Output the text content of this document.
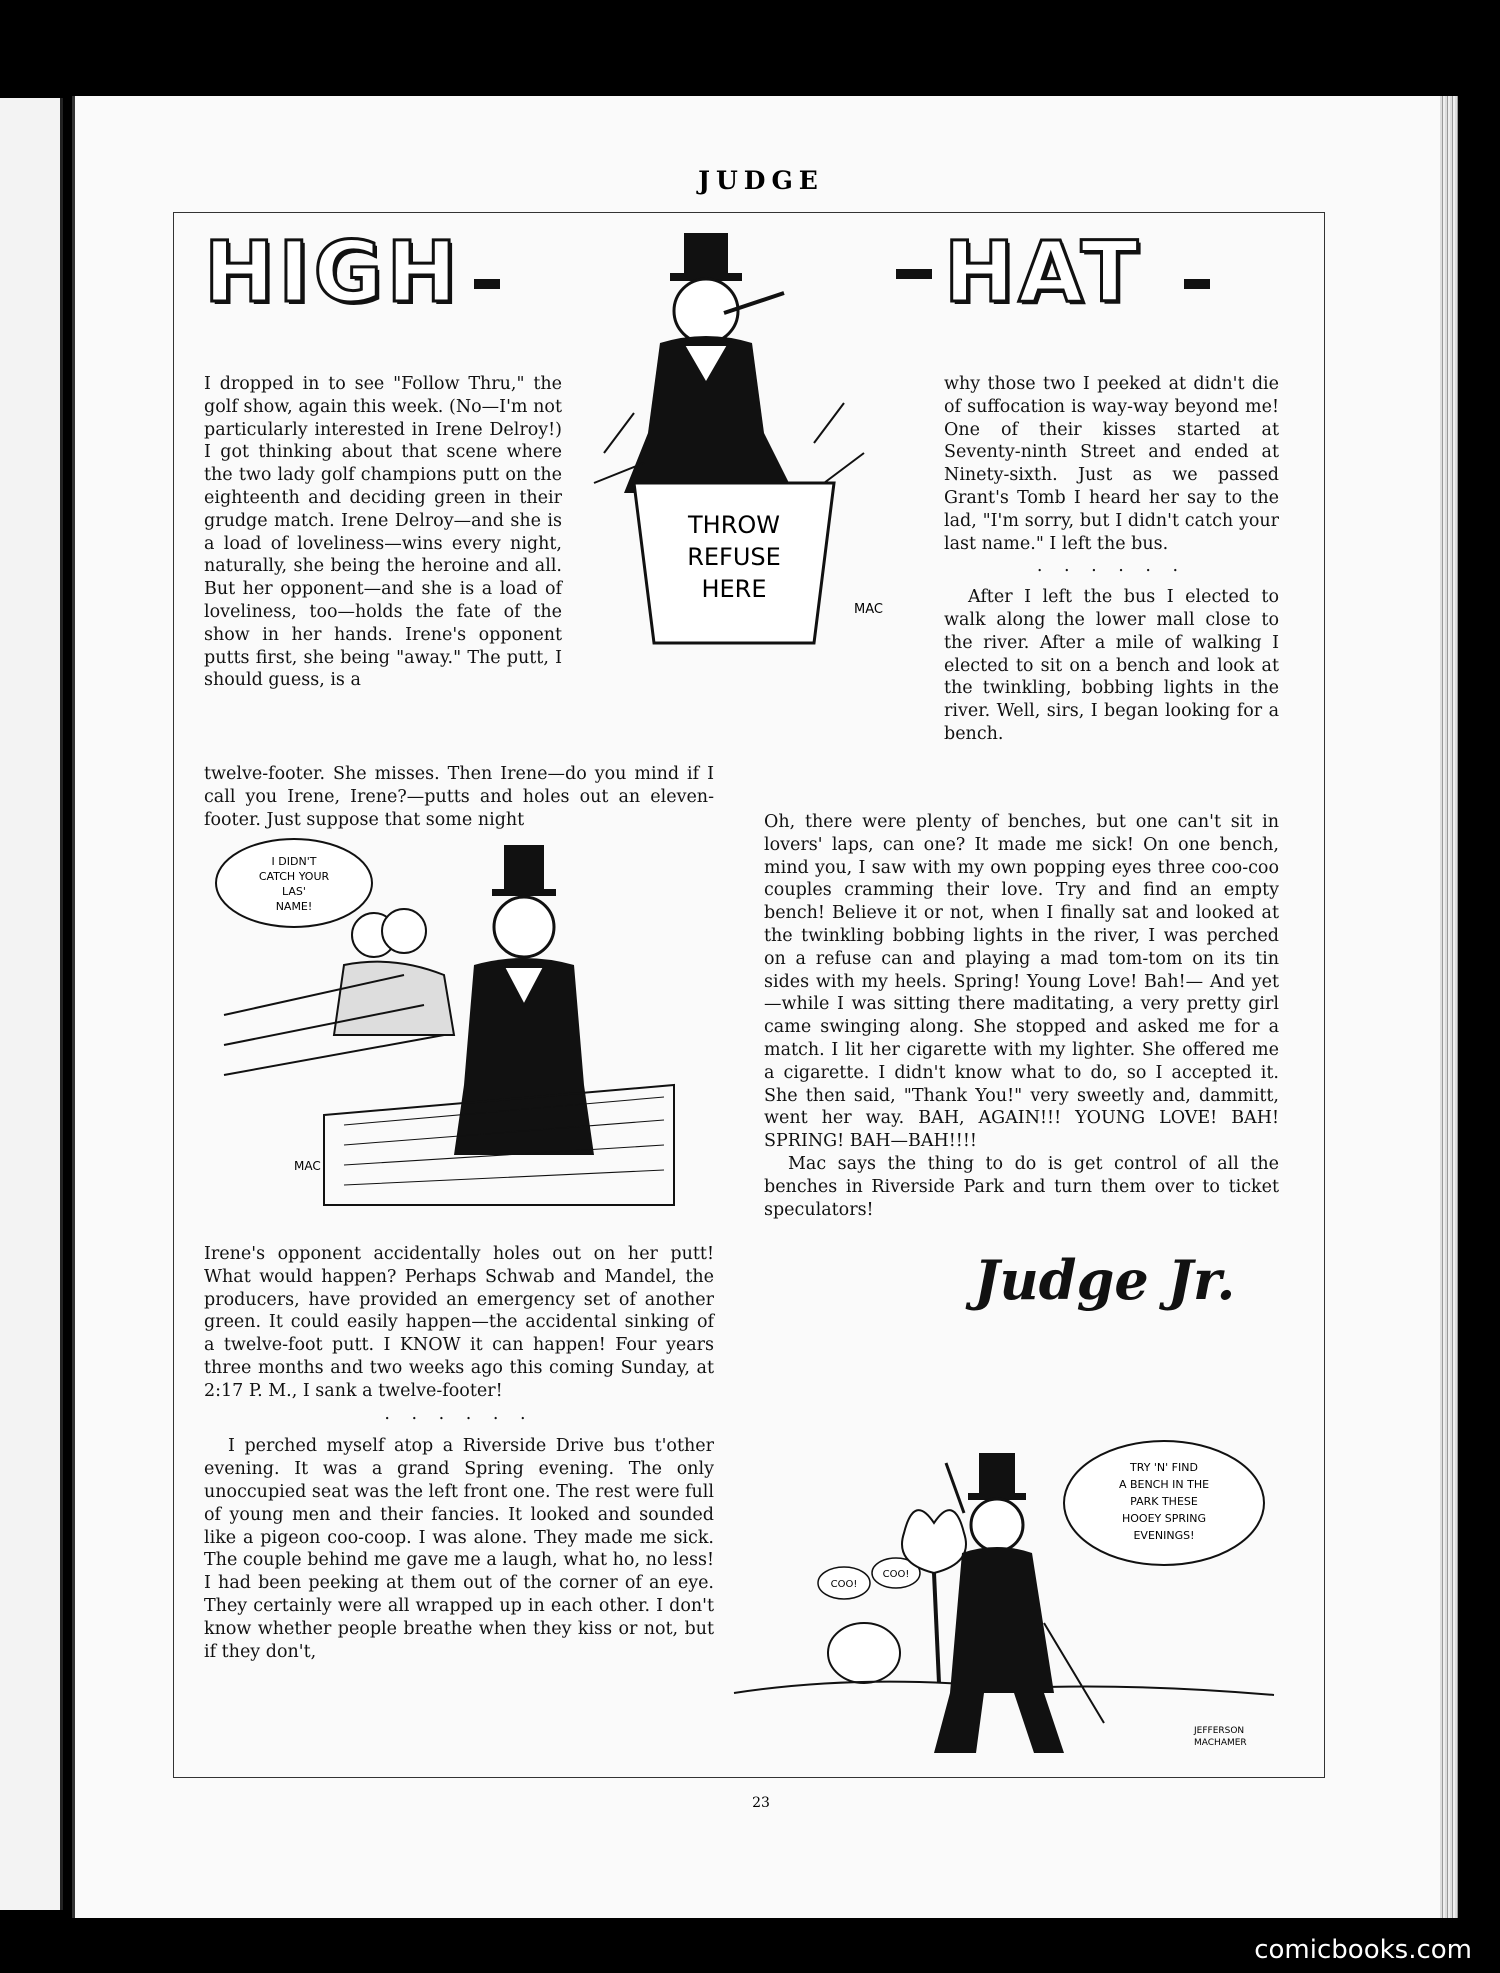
JUDGE
HIGH	HAT
THROW
REFUSE
HERE
MAC
I dropped in to see "Follow Thru," the golf show, again this week. (No—I'm not particularly interested in Irene Delroy!) I got thinking about that scene where the two lady golf champions putt on the eighteenth and deciding green in their grudge match. Irene Delroy—and she is a load of loveliness—wins every night, naturally, she being the heroine and all. But her opponent—and she is a load of loveliness, too—holds the fate of the show in her hands. Irene's opponent putts first, she being "away." The putt, I should guess, is a
twelve-footer. She misses. Then Irene—do you mind if I call you Irene, Irene?—putts and holes out an eleven-footer. Just suppose that some night
I DIDN'T
CATCH YOUR
LAS'
NAME!
MAC
Irene's opponent accidentally holes out on her putt! What would happen? Perhaps Schwab and Mandel, the producers, have provided an emergency set of another green. It could easily happen—the accidental sinking of a twelve-foot putt. I KNOW it can happen! Four years three months and two weeks ago this coming Sunday, at 2:17 P. M., I sank a twelve-footer!
. . . . . .
I perched myself atop a Riverside Drive bus t'other evening. It was a grand Spring evening. The only unoccupied seat was the left front one. The rest were full of young men and their fancies. It looked and sounded like a pigeon coo-coop. I was alone. They made me sick. The couple behind me gave me a laugh, what ho, no less! I had been peeking at them out of the corner of an eye. They certainly were all wrapped up in each other. I don't know whether people breathe when they kiss or not, but if they don't,
why those two I peeked at didn't die of suffocation is way-way beyond me! One of their kisses started at Seventy-ninth Street and ended at Ninety-sixth. Just as we passed Grant's Tomb I heard her say to the lad, "I'm sorry, but I didn't catch your last name." I left the bus.
. . . . . .
After I left the bus I elected to walk along the lower mall close to the river. After a mile of walking I elected to sit on a bench and look at the twinkling, bobbing lights in the river. Well, sirs, I began looking for a bench.
Oh, there were plenty of benches, but one can't sit in lovers' laps, can one? It made me sick! On one bench, mind you, I saw with my own popping eyes three coo-coo couples cramming their love. Try and find an empty bench! Believe it or not, when I finally sat and looked at the twinkling bobbing lights in the river, I was perched on a refuse can and playing a mad tom-tom on its tin sides with my heels. Spring! Young Love! Bah!— And yet—while I was sitting there maditating, a very pretty girl came swinging along. She stopped and asked me for a match. I lit her cigarette with my lighter. She offered me a cigarette. I didn't know what to do, so I accepted it. She then said, "Thank You!" very sweetly and, dammitt, went her way. BAH, AGAIN!!! YOUNG LOVE! BAH! SPRING! BAH—BAH!!!!
Mac says the thing to do is get control of all the benches in Riverside Park and turn them over to ticket speculators!
Judge Jr.
TRY 'N' FIND
A BENCH IN THE
PARK THESE
HOOEY SPRING
EVENINGS!
COO!
COO!
JEFFERSON
MACHAMER
23
comicbooks.com
